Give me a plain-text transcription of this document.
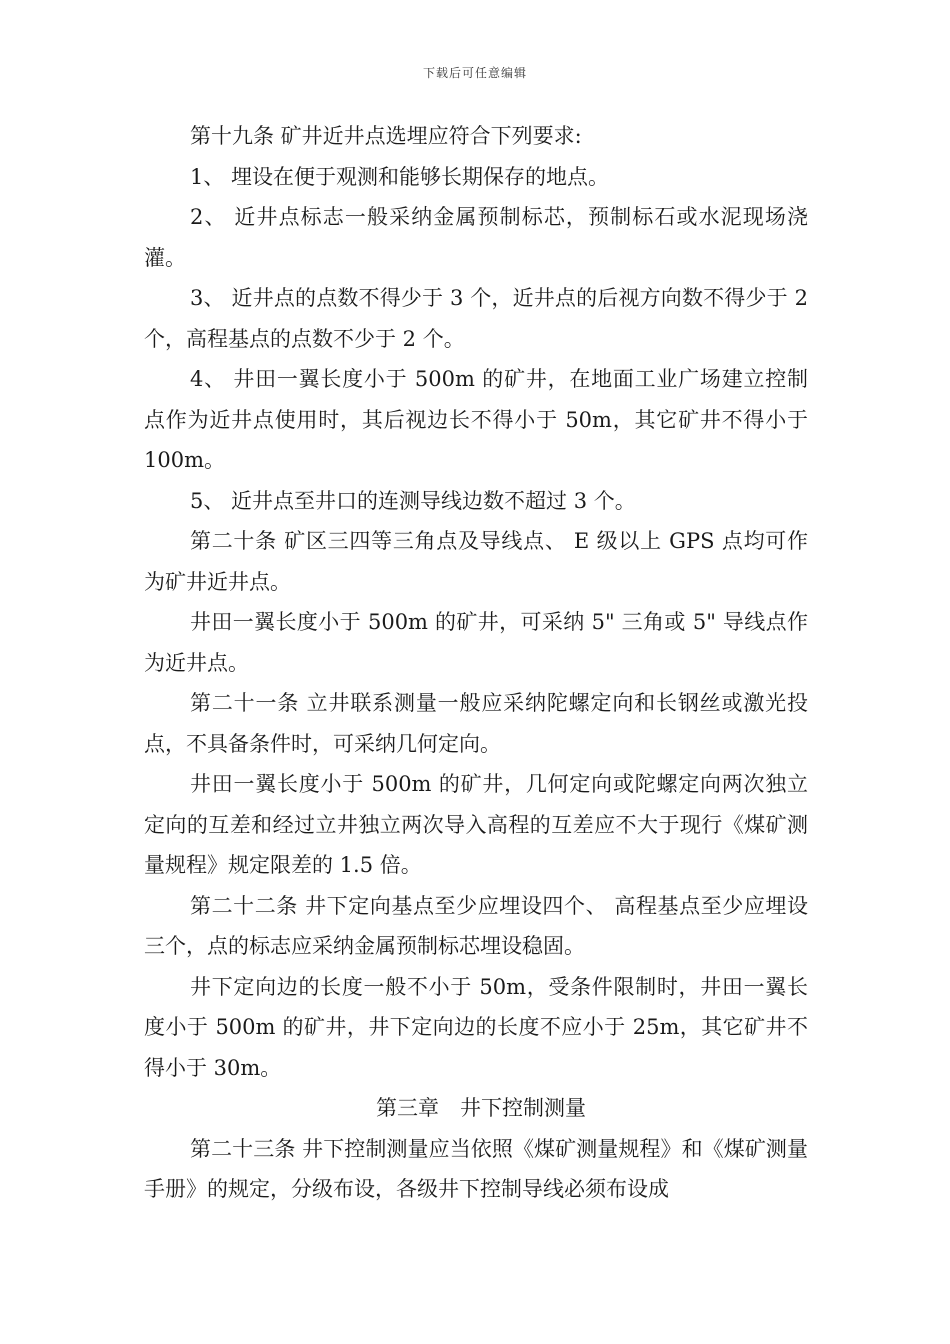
下载后可任意编辑

第十九条 矿井近井点选埋应符合下列要求:

1、 埋设在便于观测和能够长期保存的地点。

2、 近井点标志一般采纳金属预制标芯，预制标石或水泥现场浇灌。

3、 近井点的点数不得少于 3 个，近井点的后视方向数不得少于 2 个，高程基点的点数不少于 2 个。

4、 井田一翼长度小于 500m 的矿井，在地面工业广场建立控制点作为近井点使用时，其后视边长不得小于 50m，其它矿井不得小于 100m。

5、 近井点至井口的连测导线边数不超过 3 个。

第二十条 矿区三四等三角点及导线点、 E 级以上 GPS 点均可作为矿井近井点。

井田一翼长度小于 500m 的矿井，可采纳 5" 三角或 5" 导线点作为近井点。

第二十一条 立井联系测量一般应采纳陀螺定向和长钢丝或激光投点，不具备条件时，可采纳几何定向。

井田一翼长度小于 500m 的矿井，几何定向或陀螺定向两次独立定向的互差和经过立井独立两次导入高程的互差应不大于现行《煤矿测量规程》规定限差的 1.5 倍。

第二十二条 井下定向基点至少应埋设四个、 高程基点至少应埋设三个，点的标志应采纳金属预制标芯埋设稳固。

井下定向边的长度一般不小于 50m，受条件限制时，井田一翼长度小于 500m 的矿井，井下定向边的长度不应小于 25m，其它矿井不得小于 30m。

第三章　井下控制测量

第二十三条 井下控制测量应当依照《煤矿测量规程》和《煤矿测量手册》的规定，分级布设，各级井下控制导线必须布设成
